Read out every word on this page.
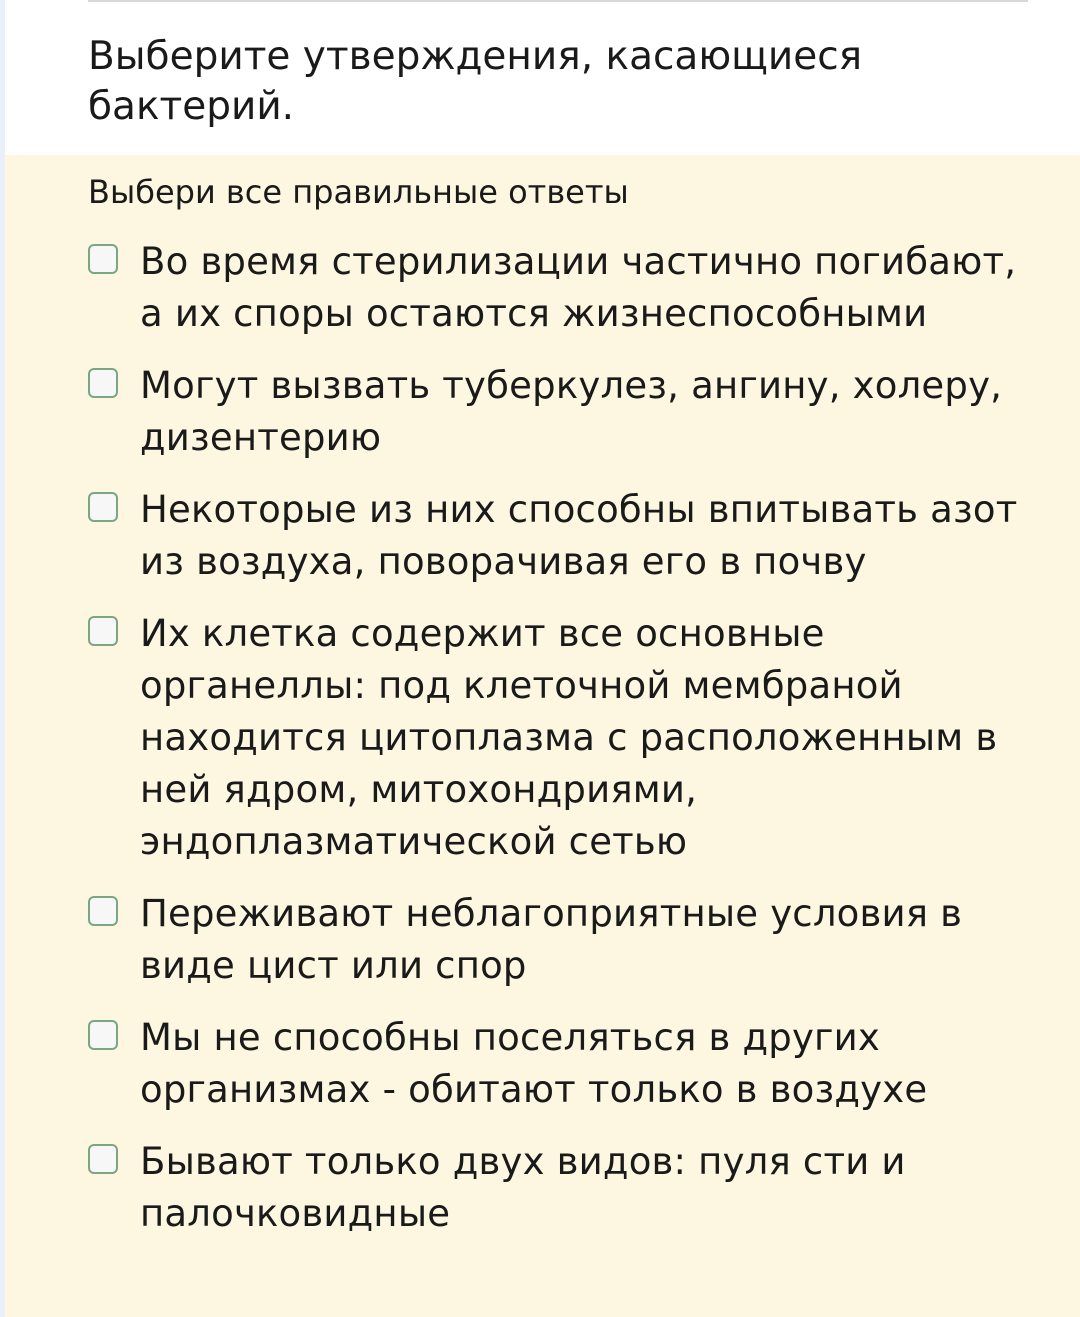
Выберите утверждения, касающиеся бактерий.
Выбери все правильные ответы
Во время стерилизации частично погибают, а их споры остаются жизнеспособными
Могут вызвать туберкулез, ангину, холеру, дизентерию
Некоторые из них способны впитывать азот из воздуха, поворачивая его в почву
Их клетка содержит все основные органеллы: под клеточной мембраной находится цитоплазма с расположенным в ней ядром, митохондриями, эндоплазматической сетью
Переживают неблагоприятные условия в виде цист или спор
Мы не способны поселяться в других организмах - обитают только в воздухе
Бывают только двух видов: пуля сти и палочковидные
